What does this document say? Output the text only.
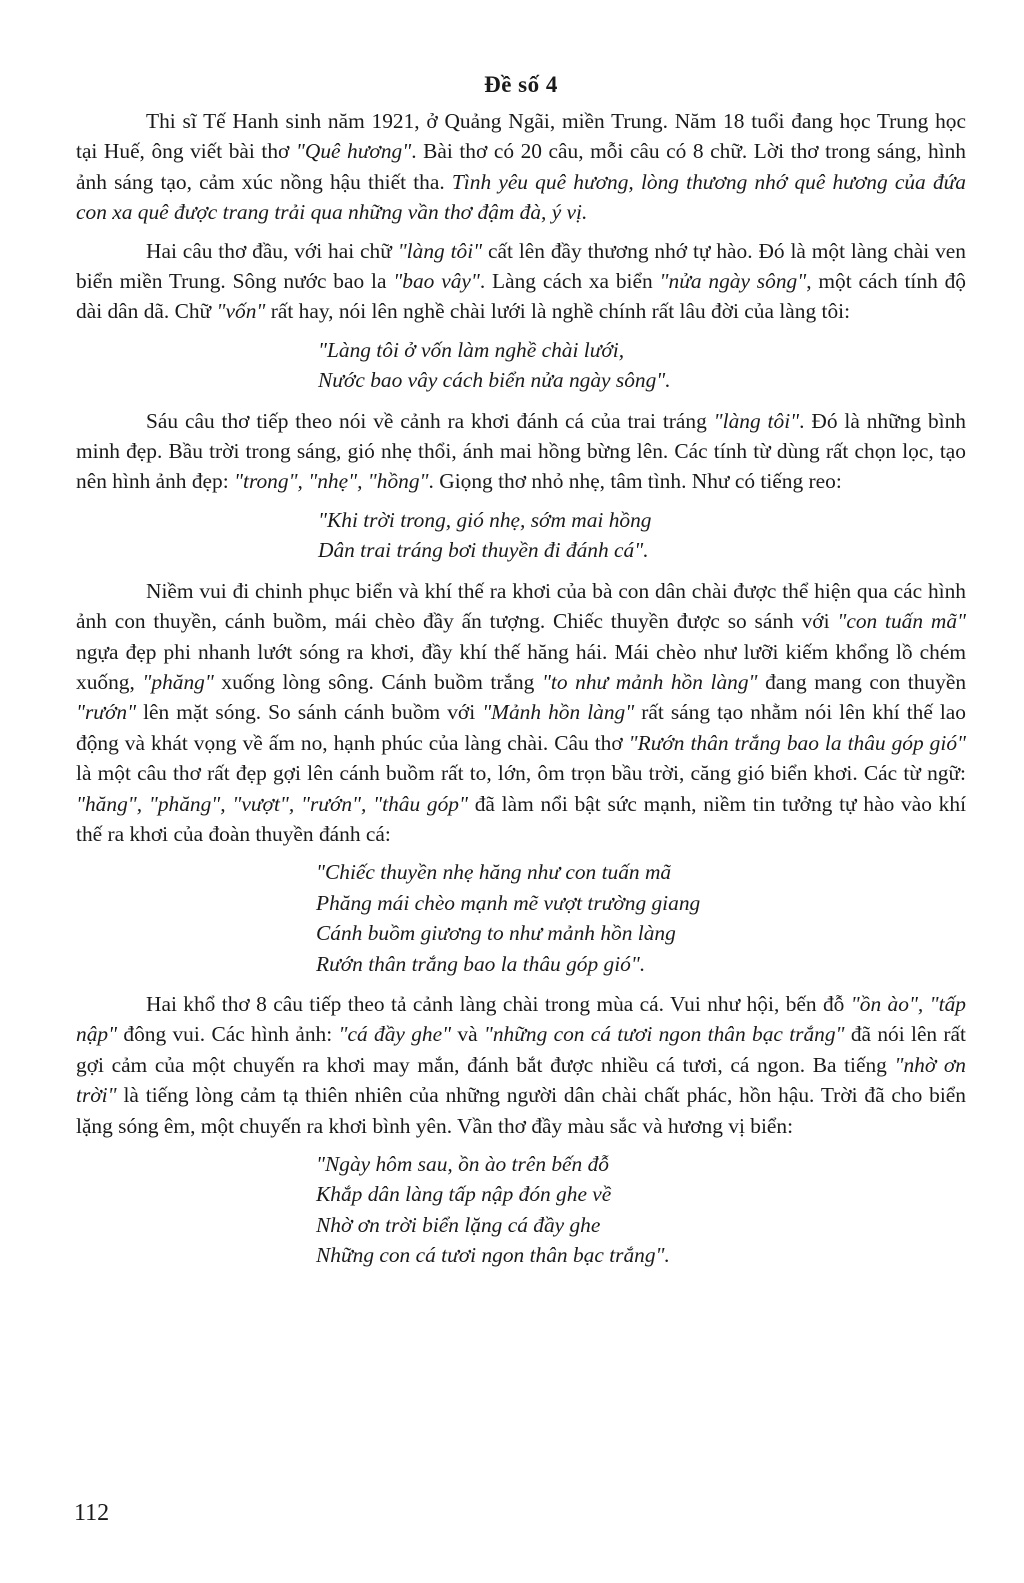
Đề số 4

Thi sĩ Tế Hanh sinh năm 1921, ở Quảng Ngãi, miền Trung. Năm 18 tuổi đang học Trung học tại Huế, ông viết bài thơ "Quê hương". Bài thơ có 20 câu, mỗi câu có 8 chữ. Lời thơ trong sáng, hình ảnh sáng tạo, cảm xúc nồng hậu thiết tha. Tình yêu quê hương, lòng thương nhớ quê hương của đứa con xa quê được trang trải qua những vần thơ đậm đà, ý vị.

Hai câu thơ đầu, với hai chữ "làng tôi" cất lên đầy thương nhớ tự hào. Đó là một làng chài ven biển miền Trung. Sông nước bao la "bao vây". Làng cách xa biển "nửa ngày sông", một cách tính độ dài dân dã. Chữ "vốn" rất hay, nói lên nghề chài lưới là nghề chính rất lâu đời của làng tôi:

"Làng tôi ở vốn làm nghề chài lưới,
Nước bao vây cách biển nửa ngày sông".

Sáu câu thơ tiếp theo nói về cảnh ra khơi đánh cá của trai tráng "làng tôi". Đó là những bình minh đẹp. Bầu trời trong sáng, gió nhẹ thổi, ánh mai hồng bừng lên. Các tính từ dùng rất chọn lọc, tạo nên hình ảnh đẹp: "trong", "nhẹ", "hồng". Giọng thơ nhỏ nhẹ, tâm tình. Như có tiếng reo:

"Khi trời trong, gió nhẹ, sớm mai hồng
Dân trai tráng bơi thuyền đi đánh cá".

Niềm vui đi chinh phục biển và khí thế ra khơi của bà con dân chài được thể hiện qua các hình ảnh con thuyền, cánh buồm, mái chèo đầy ấn tượng. Chiếc thuyền được so sánh với "con tuấn mã" ngựa đẹp phi nhanh lướt sóng ra khơi, đầy khí thế hăng hái. Mái chèo như lưỡi kiếm khổng lồ chém xuống, "phăng" xuống lòng sông. Cánh buồm trắng "to như mảnh hồn làng" đang mang con thuyền "rướn" lên mặt sóng. So sánh cánh buồm với "Mảnh hồn làng" rất sáng tạo nhằm nói lên khí thế lao động và khát vọng về ấm no, hạnh phúc của làng chài. Câu thơ "Rướn thân trắng bao la thâu góp gió" là một câu thơ rất đẹp gợi lên cánh buồm rất to, lớn, ôm trọn bầu trời, căng gió biển khơi. Các từ ngữ: "hăng", "phăng", "vượt", "rướn", "thâu góp" đã làm nổi bật sức mạnh, niềm tin tưởng tự hào vào khí thế ra khơi của đoàn thuyền đánh cá:

"Chiếc thuyền nhẹ hăng như con tuấn mã
Phăng mái chèo mạnh mẽ vượt trường giang
Cánh buồm giương to như mảnh hồn làng
Rướn thân trắng bao la thâu góp gió".

Hai khổ thơ 8 câu tiếp theo tả cảnh làng chài trong mùa cá. Vui như hội, bến đỗ "ồn ào", "tấp nập" đông vui. Các hình ảnh: "cá đầy ghe" và "những con cá tươi ngon thân bạc trắng" đã nói lên rất gợi cảm của một chuyến ra khơi may mắn, đánh bắt được nhiều cá tươi, cá ngon. Ba tiếng "nhờ ơn trời" là tiếng lòng cảm tạ thiên nhiên của những người dân chài chất phác, hồn hậu. Trời đã cho biển lặng sóng êm, một chuyến ra khơi bình yên. Vần thơ đầy màu sắc và hương vị biển:

"Ngày hôm sau, ồn ào trên bến đỗ
Khắp dân làng tấp nập đón ghe về
Nhờ ơn trời biển lặng cá đầy ghe
Những con cá tươi ngon thân bạc trắng".
112
